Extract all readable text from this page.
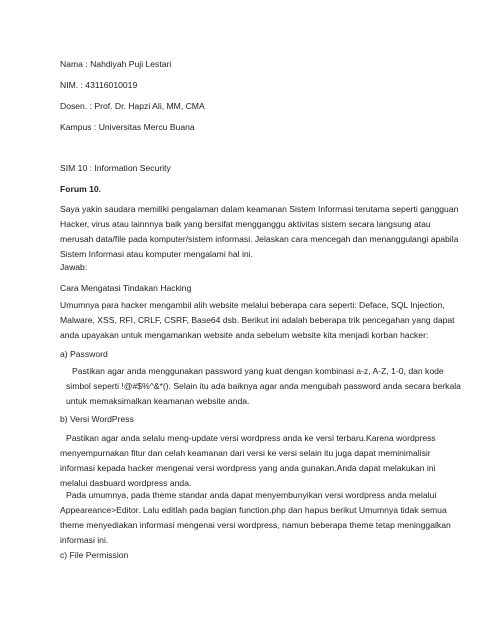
Nama : Nahdiyah Puji Lestari

NIM. : 43116010019

Dosen. : Prof. Dr. Hapzi Ali, MM, CMA

Kampus : Universitas Mercu Buana

SIM 10 : Information Security

Forum 10.

Saya yakin saudara memiliki pengalaman dalam keamanan Sistem Informasi terutama seperti gangguan
Hacker, virus atau lainnnya baik yang bersifat mengganggu aktivitas sistem secara langsung atau
merusah data/file pada komputer/sistem informasi. Jelaskan cara mencegah dan menanggulangi apabila
Sistem Informasi atau komputer mengalami hal ini.

Jawab:

Cara Mengatasi Tindakan Hacking

Umumnya para hacker mengambil alih website melalui beberapa cara seperti: Deface, SQL Injection,
Malware, XSS, RFI, CRLF, CSRF, Base64 dsb. Berikut ini adalah beberapa trik pencegahan yang dapat
anda upayakan untuk mengamankan website anda sebelum website kita menjadi korban hacker:

a) Password

Pastikan agar anda menggunakan password yang kuat dengan kombinasi a-z, A-Z, 1-0, dan kode
simbol seperti !@#$%^&*(). Selain itu ada baiknya agar anda mengubah password anda secara berkala
untuk memaksimalkan keamanan website anda.

b) Versi WordPress

Pastikan agar anda selalu meng-update versi wordpress anda ke versi terbaru.Karena wordpress
menyempurnakan fitur dan celah keamanan dari versi ke versi selain itu juga dapat meminimalisir
informasi kepada hacker mengenai versi wordpress yang anda gunakan.Anda dapat melakukan ini
melalui dasbuard wordpress anda.
Pada umumnya, pada theme standar anda dapat menyembunyikan versi wordpress anda melalui
Appeareance>Editor. Lalu editlah pada bagian function.php dan hapus berikut Umumnya tidak semua
theme menyediakan informasi mengenai versi wordpress, namun beberapa theme tetap meninggalkan
informasi ini.

c) File Permission
